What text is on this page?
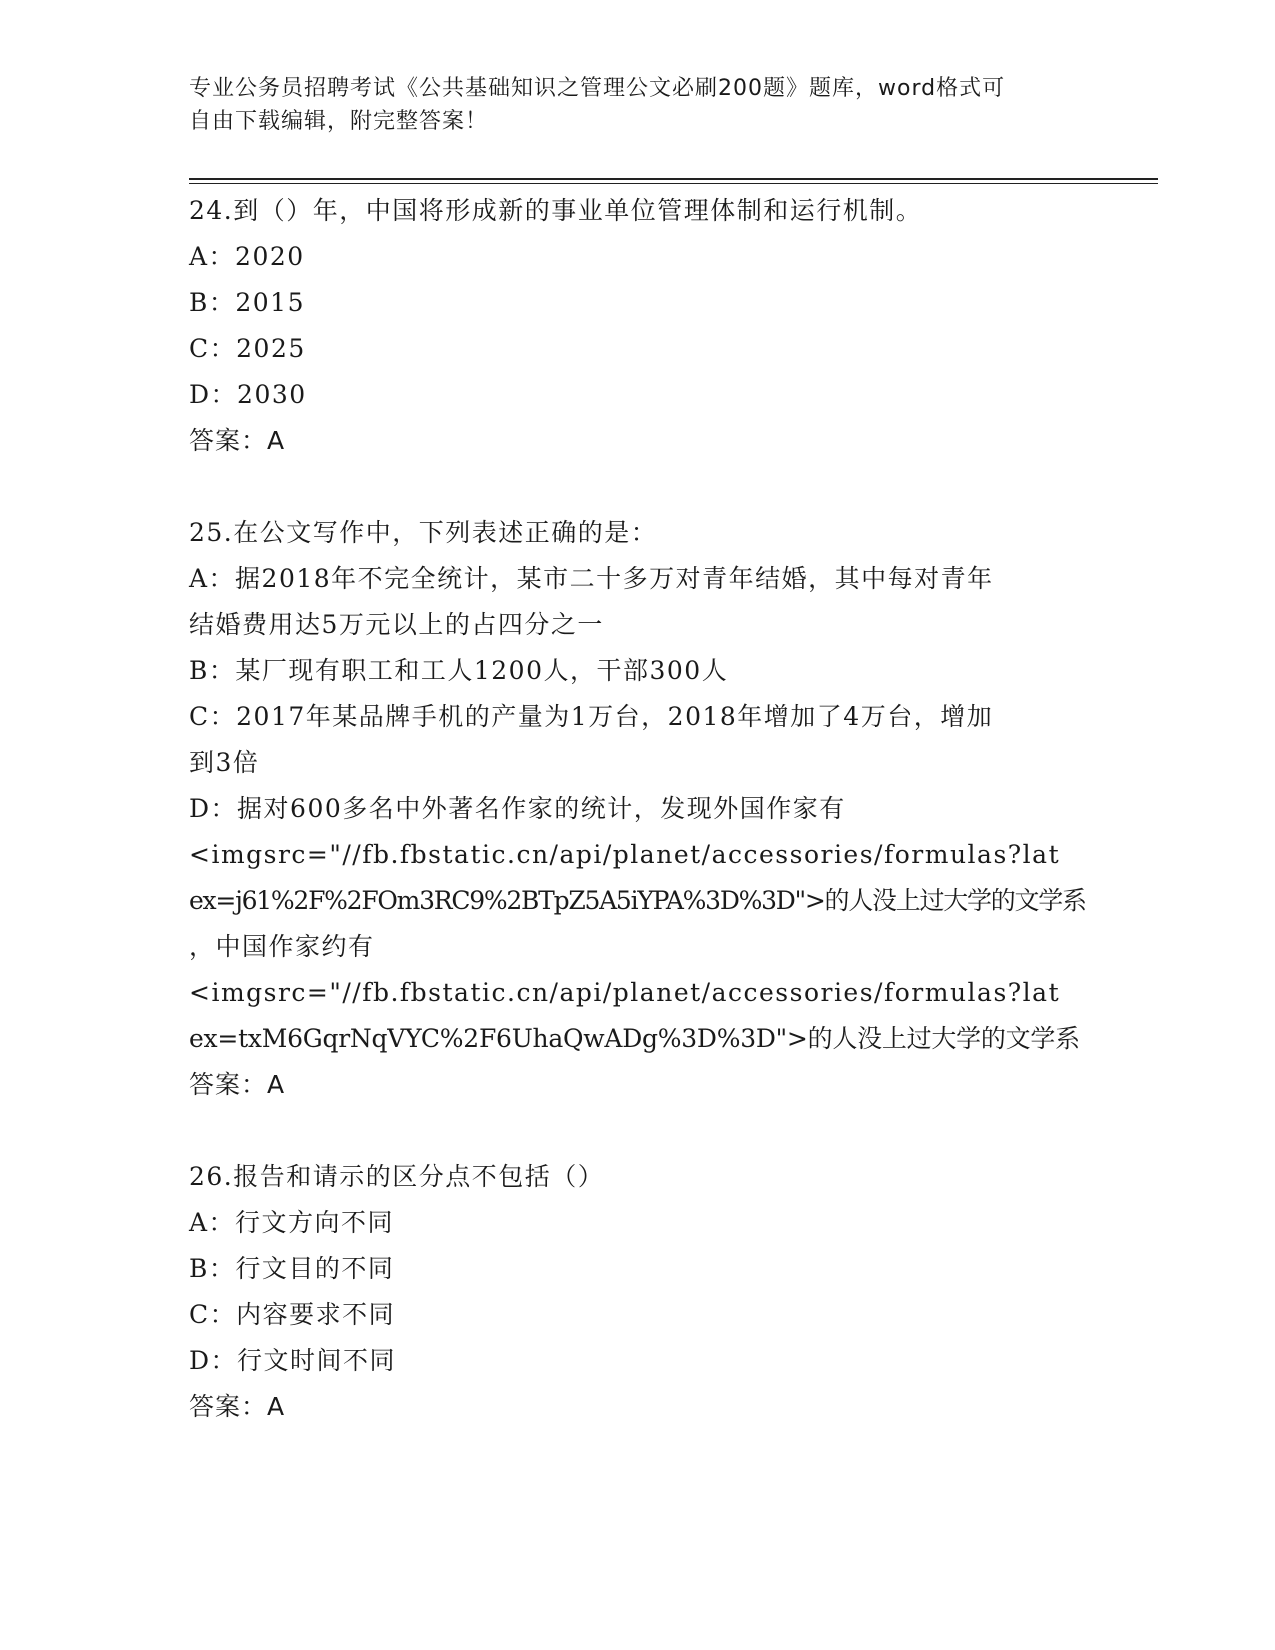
专业公务员招聘考试《公共基础知识之管理公文必刷200题》题库，word格式可
自由下载编辑，附完整答案！
24.到（）年，中国将形成新的事业单位管理体制和运行机制。
A：2020
B：2015
C：2025
D：2030
答案：A
25.在公文写作中，下列表述正确的是：
A：据2018年不完全统计，某市二十多万对青年结婚，其中每对青年
结婚费用达5万元以上的占四分之一
B：某厂现有职工和工人1200人，干部300人
C：2017年某品牌手机的产量为1万台，2018年增加了4万台，增加
到3倍
D：据对600多名中外著名作家的统计，发现外国作家有
<imgsrc="//fb.fbstatic.cn/api/planet/accessories/formulas?lat
ex=j61%2F%2FOm3RC9%2BTpZ5A5iYPA%3D%3D">的人没上过大学的文学系
，中国作家约有
<imgsrc="//fb.fbstatic.cn/api/planet/accessories/formulas?lat
ex=txM6GqrNqVYC%2F6UhaQwADg%3D%3D">的人没上过大学的文学系
答案：A
26.报告和请示的区分点不包括（）
A：行文方向不同
B：行文目的不同
C：内容要求不同
D：行文时间不同
答案：A
